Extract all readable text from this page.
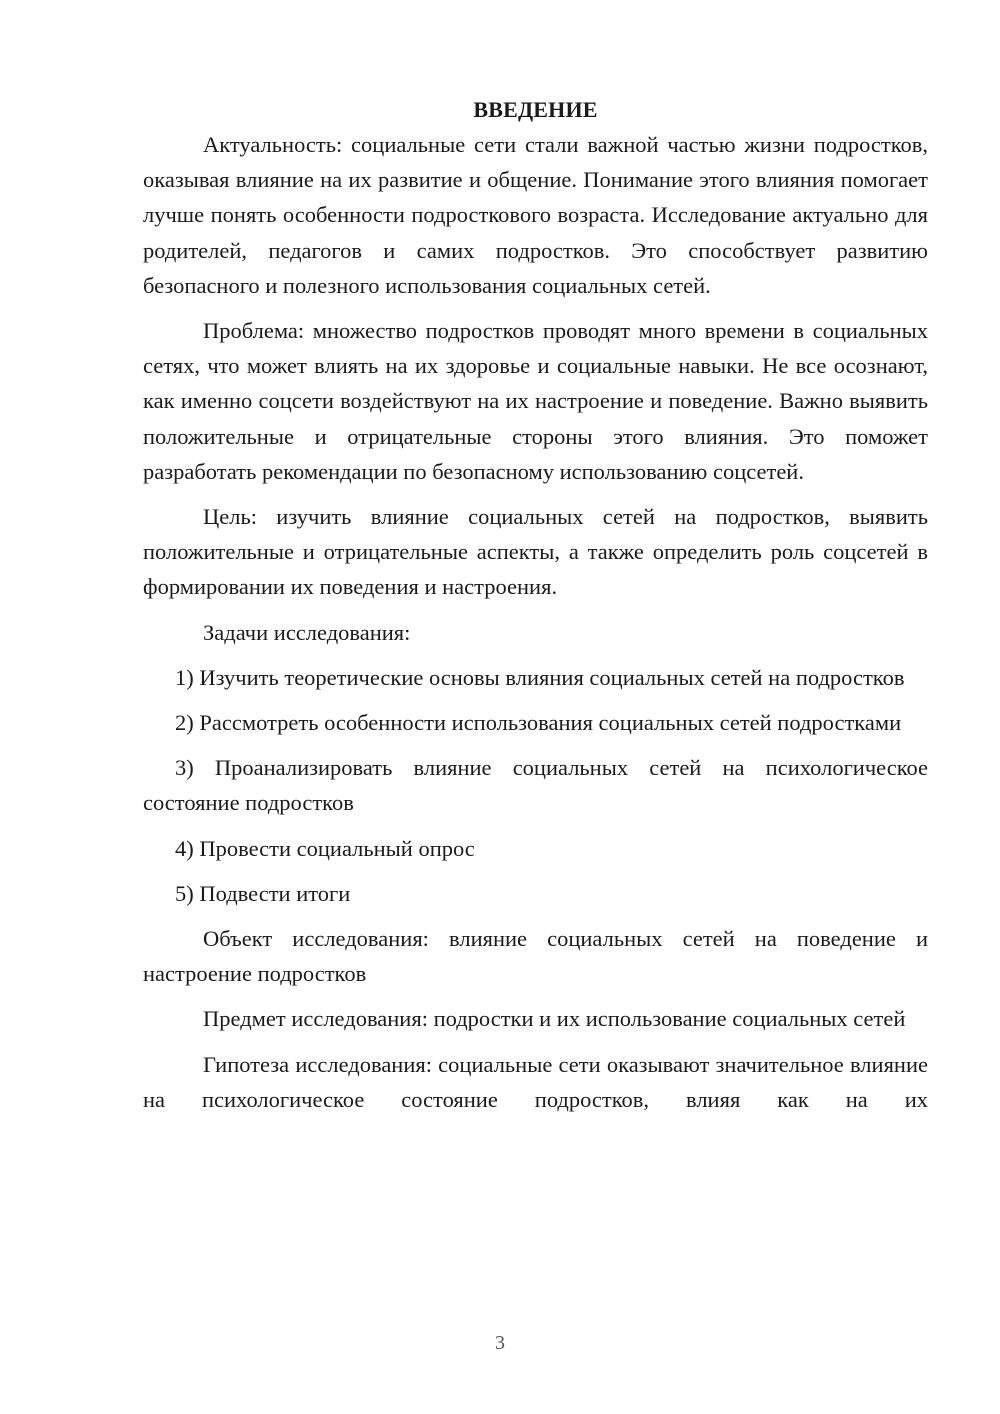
ВВЕДЕНИЕ

Актуальность: социальные сети стали важной частью жизни подростков, оказывая влияние на их развитие и общение. Понимание этого влияния помогает лучше понять особенности подросткового возраста. Исследование актуально для родителей, педагогов и самих подростков. Это способствует развитию безопасного и полезного использования социальных сетей.

Проблема: множество подростков проводят много времени в социальных сетях, что может влиять на их здоровье и социальные навыки. Не все осознают, как именно соцсети воздействуют на их настроение и поведение. Важно выявить положительные и отрицательные стороны этого влияния. Это поможет разработать рекомендации по безопасному использованию соцсетей.

Цель: изучить влияние социальных сетей на подростков, выявить положительные и отрицательные аспекты, а также определить роль соцсетей в формировании их поведения и настроения.

Задачи исследования:

1) Изучить теоретические основы влияния социальных сетей на подростков

2) Рассмотреть особенности использования социальных сетей подростками

3) Проанализировать влияние социальных сетей на психологическое состояние подростков

4) Провести социальный опрос

5) Подвести итоги

Объект исследования: влияние социальных сетей на поведение и настроение подростков

Предмет исследования: подростки и их использование социальных сетей

Гипотеза исследования: социальные сети оказывают значительное влияние на психологическое состояние подростков, влияя как на их

3
